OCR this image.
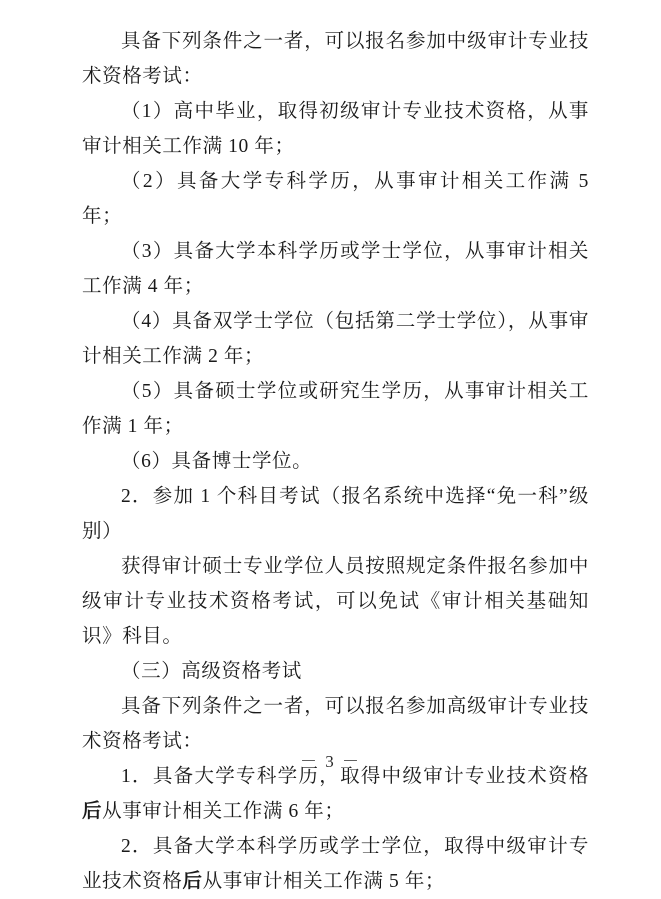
具备下列条件之一者，可以报名参加中级审计专业技术资格考试：

（1）高中毕业，取得初级审计专业技术资格，从事审计相关工作满 10 年；

（2）具备大学专科学历，从事审计相关工作满 5 年；

（3）具备大学本科学历或学士学位，从事审计相关工作满 4 年；

（4）具备双学士学位（包括第二学士学位），从事审计相关工作满 2 年；

（5）具备硕士学位或研究生学历，从事审计相关工作满 1 年；

（6）具备博士学位。

2．参加 1 个科目考试（报名系统中选择“免一科”级别）

获得审计硕士专业学位人员按照规定条件报名参加中级审计专业技术资格考试，可以免试《审计相关基础知识》科目。

（三）高级资格考试

具备下列条件之一者，可以报名参加高级审计专业技术资格考试：

1．具备大学专科学历，取得中级审计专业技术资格后从事审计相关工作满 6 年；

2．具备大学本科学历或学士学位，取得中级审计专业技术资格后从事审计相关工作满 5 年；

－ 3 －
